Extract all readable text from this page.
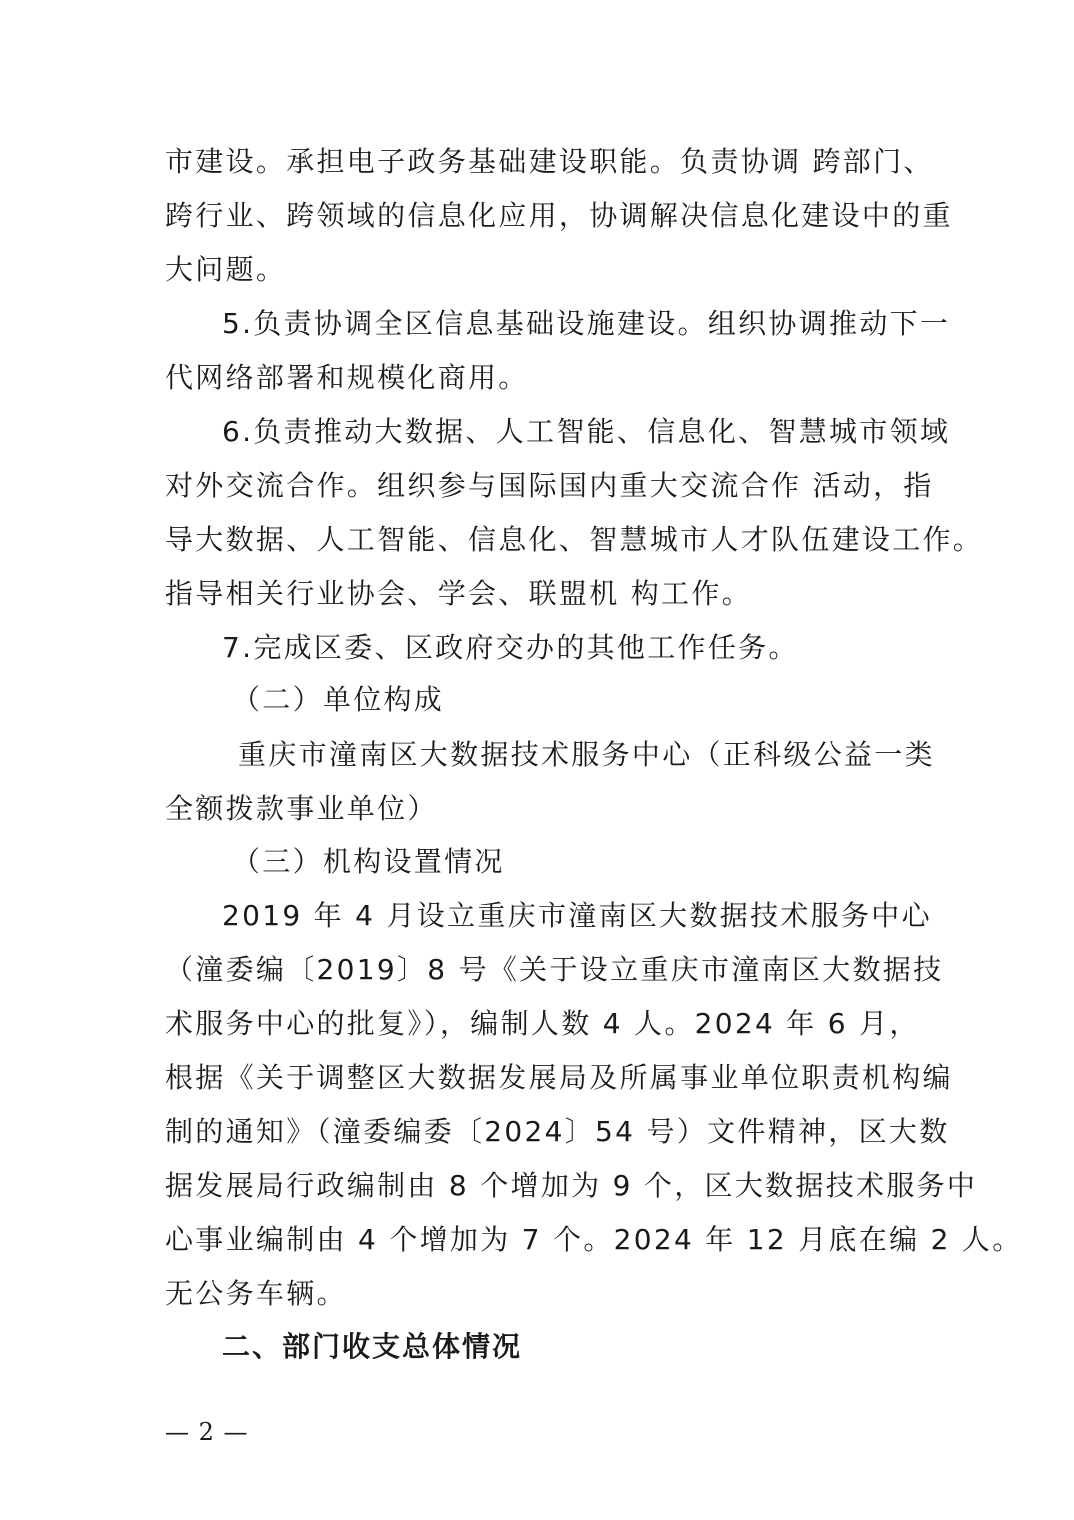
市建设。承担电子政务基础建设职能。负责协调 跨部门、
跨行业、跨领域的信息化应用，协调解决信息化建设中的重
大问题。
5.负责协调全区信息基础设施建设。组织协调推动下一
代网络部署和规模化商用。
6.负责推动大数据、人工智能、信息化、智慧城市领域
对外交流合作。组织参与国际国内重大交流合作 活动，指
导大数据、人工智能、信息化、智慧城市人才队伍建设工作。
指导相关行业协会、学会、联盟机 构工作。
7.完成区委、区政府交办的其他工作任务。
（二）单位构成
重庆市潼南区大数据技术服务中心（正科级公益一类
全额拨款事业单位）
（三）机构设置情况
2019 年 4 月设立重庆市潼南区大数据技术服务中心
（潼委编〔2019〕8 号《关于设立重庆市潼南区大数据技
术服务中心的批复》），编制人数 4 人。2024 年 6 月，
根据《关于调整区大数据发展局及所属事业单位职责机构编
制的通知》（潼委编委〔2024〕54 号）文件精神，区大数
据发展局行政编制由 8 个增加为 9 个，区大数据技术服务中
心事业编制由 4 个增加为 7 个。2024 年 12 月底在编 2 人。
无公务车辆。
二、部门收支总体情况
— 2 —
